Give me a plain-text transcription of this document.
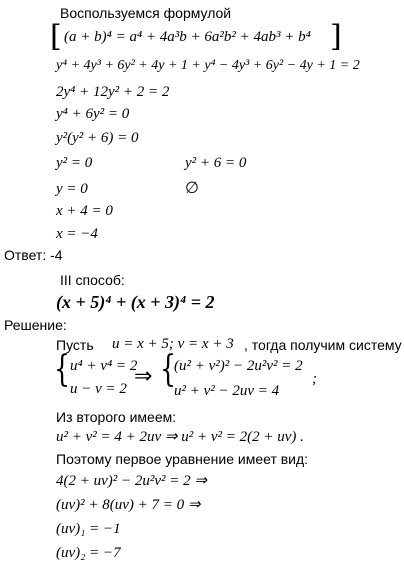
Воспользуемся формулой
[ (a + b)⁴ = a⁴ + 4a³b + 6a²b² + 4ab³ + b⁴ ]
y⁴ + 4y³ + 6y² + 4y + 1 + y⁴ − 4y³ + 6y² − 4y + 1 = 2
2y⁴ + 12y² + 2 = 2
y⁴ + 6y² = 0
y²(y² + 6) = 0
y² = 0	y² + 6 = 0
y = 0	∅
x + 4 = 0
x = −4
Ответ: -4
III способ:
(x + 5)⁴ + (x + 3)⁴ = 2
Решение:
Пусть u = x + 5; v = x + 3 , тогда получим систему
{ u⁴ + v⁴ = 2
u − v = 2 ⇒ {
(u² + v²)² − 2u²v² = 2
u² + v² − 2uv = 4
;
Из второго имеем:
u² + v² = 4 + 2uv ⇒ u² + v² = 2(2 + uv) .
Поэтому первое уравнение имеет вид:
4(2 + uv)² − 2u²v² = 2 ⇒
(uv)² + 8(uv) + 7 = 0 ⇒
(uv)₁ = −1
(uv)₂ = −7
